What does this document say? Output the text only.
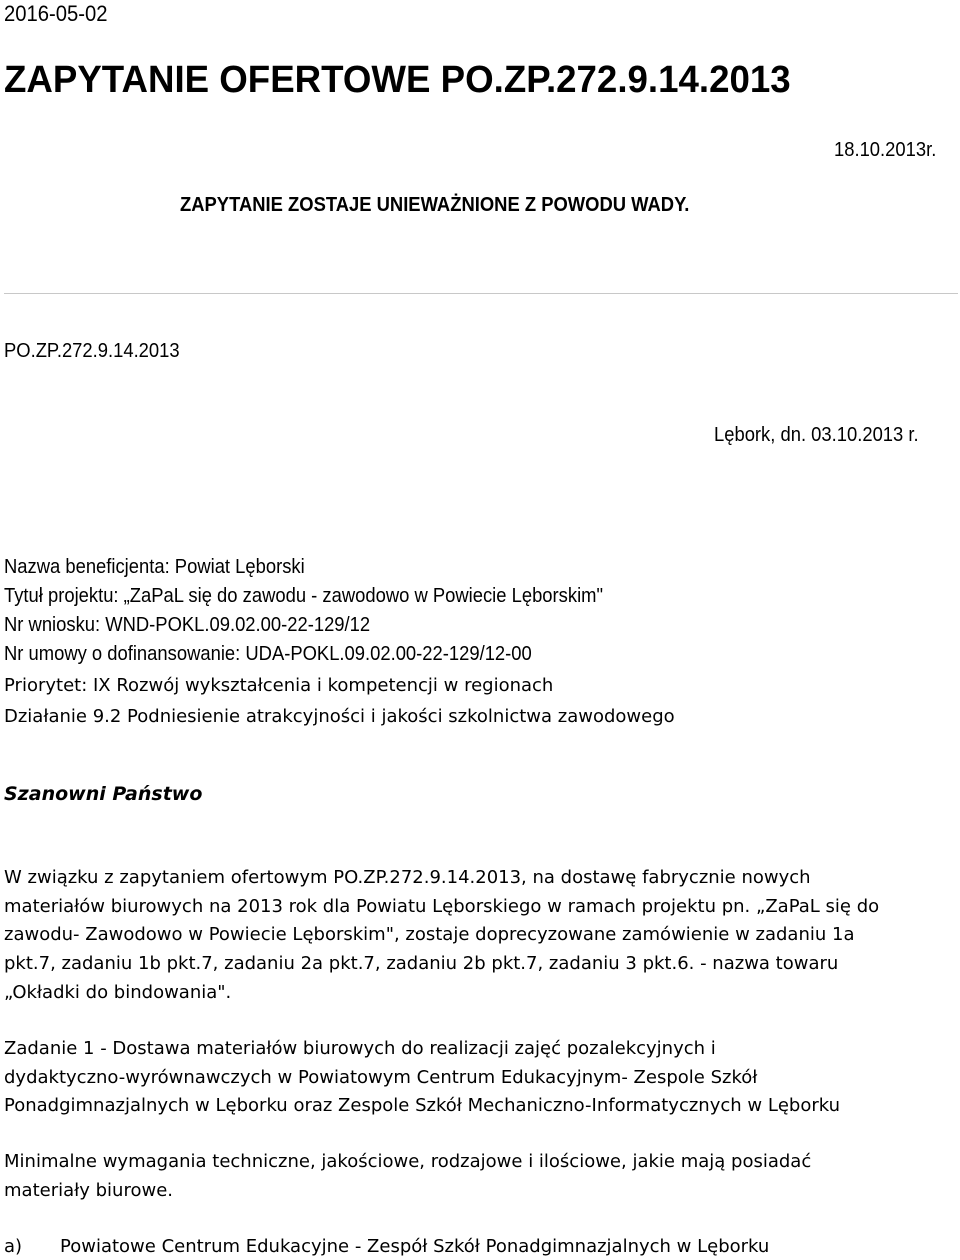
2016-05-02

ZAPYTANIE OFERTOWE PO.ZP.272.9.14.2013

18.10.2013r.

ZAPYTANIE ZOSTAJE UNIEWAŻNIONE Z POWODU WADY.

PO.ZP.272.9.14.2013

Lębork, dn. 03.10.2013 r.

Nazwa beneficjenta: Powiat Lęborski
Tytuł projektu: „ZaPaL się do zawodu - zawodowo w Powiecie Lęborskim"
Nr wniosku: WND-POKL.09.02.00-22-129/12
Nr umowy o dofinansowanie: UDA-POKL.09.02.00-22-129/12-00
Priorytet: IX Rozwój wykształcenia i kompetencji w regionach
Działanie 9.2 Podniesienie atrakcyjności i jakości szkolnictwa zawodowego

Szanowni Państwo

W związku z zapytaniem ofertowym PO.ZP.272.9.14.2013, na dostawę fabrycznie nowych
materiałów biurowych na 2013 rok dla Powiatu Lęborskiego w ramach projektu pn. „ZaPaL się do
zawodu- Zawodowo w Powiecie Lęborskim", zostaje doprecyzowane zamówienie w zadaniu 1a
pkt.7, zadaniu 1b pkt.7, zadaniu 2a pkt.7, zadaniu 2b pkt.7, zadaniu 3 pkt.6. - nazwa towaru
„Okładki do bindowania".
Zadanie 1 - Dostawa materiałów biurowych do realizacji zajęć pozalekcyjnych i
dydaktyczno-wyrównawczych w Powiatowym Centrum Edukacyjnym- Zespole Szkół
Ponadgimnazjalnych w Lęborku oraz Zespole Szkół Mechaniczno-Informatycznych w Lęborku
Minimalne wymagania techniczne, jakościowe, rodzajowe i ilościowe, jakie mają posiadać
materiały biurowe.
a) Powiatowe Centrum Edukacyjne - Zespół Szkół Ponadgimnazjalnych w Lęborku
